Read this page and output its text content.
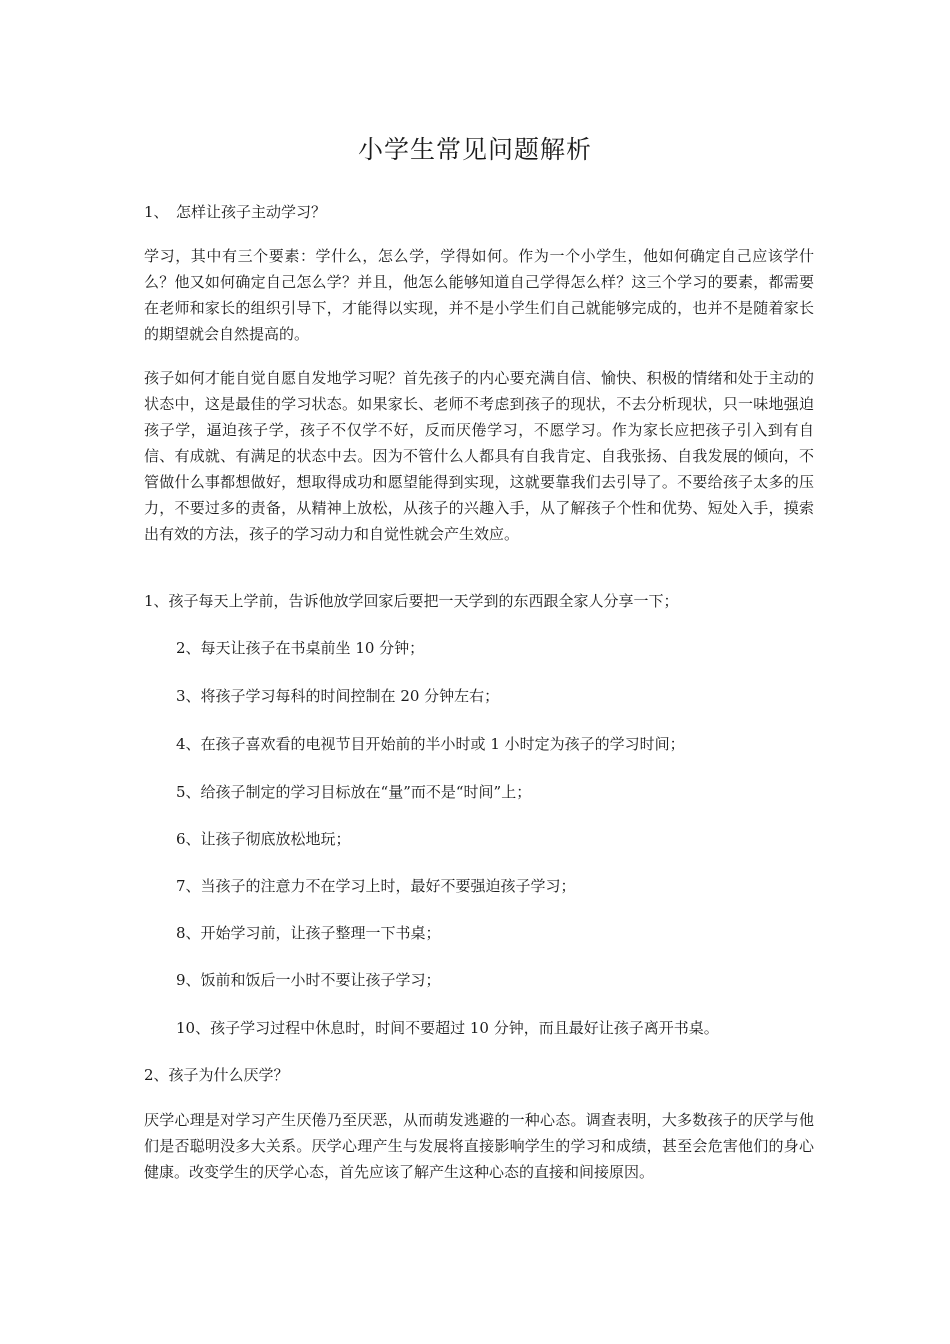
小学生常见问题解析
1、　怎样让孩子主动学习？
学习，其中有三个要素：学什么，怎么学，学得如何。作为一个小学生，他如何确定自己应该学什么？他又如何确定自己怎么学？并且，他怎么能够知道自己学得怎么样？这三个学习的要素，都需要在老师和家长的组织引导下，才能得以实现，并不是小学生们自己就能够完成的，也并不是随着家长的期望就会自然提高的。
孩子如何才能自觉自愿自发地学习呢？首先孩子的内心要充满自信、愉快、积极的情绪和处于主动的状态中，这是最佳的学习状态。如果家长、老师不考虑到孩子的现状，不去分析现状，只一味地强迫孩子学，逼迫孩子学，孩子不仅学不好，反而厌倦学习，不愿学习。作为家长应把孩子引入到有自信、有成就、有满足的状态中去。因为不管什么人都具有自我肯定、自我张扬、自我发展的倾向，不管做什么事都想做好，想取得成功和愿望能得到实现，这就要靠我们去引导了。不要给孩子太多的压力，不要过多的责备，从精神上放松，从孩子的兴趣入手，从了解孩子个性和优势、短处入手，摸索出有效的方法，孩子的学习动力和自觉性就会产生效应。
1、孩子每天上学前，告诉他放学回家后要把一天学到的东西跟全家人分享一下；
2、每天让孩子在书桌前坐 10 分钟；
3、将孩子学习每科的时间控制在 20 分钟左右；
4、在孩子喜欢看的电视节目开始前的半小时或 1 小时定为孩子的学习时间；
5、给孩子制定的学习目标放在“量”而不是“时间”上；
6、让孩子彻底放松地玩；
7、当孩子的注意力不在学习上时，最好不要强迫孩子学习；
8、开始学习前，让孩子整理一下书桌；
9、饭前和饭后一小时不要让孩子学习；
10、孩子学习过程中休息时，时间不要超过 10 分钟，而且最好让孩子离开书桌。
2、孩子为什么厌学？
厌学心理是对学习产生厌倦乃至厌恶，从而萌发逃避的一种心态。调查表明，大多数孩子的厌学与他们是否聪明没多大关系。厌学心理产生与发展将直接影响学生的学习和成绩，甚至会危害他们的身心健康。改变学生的厌学心态，首先应该了解产生这种心态的直接和间接原因。
